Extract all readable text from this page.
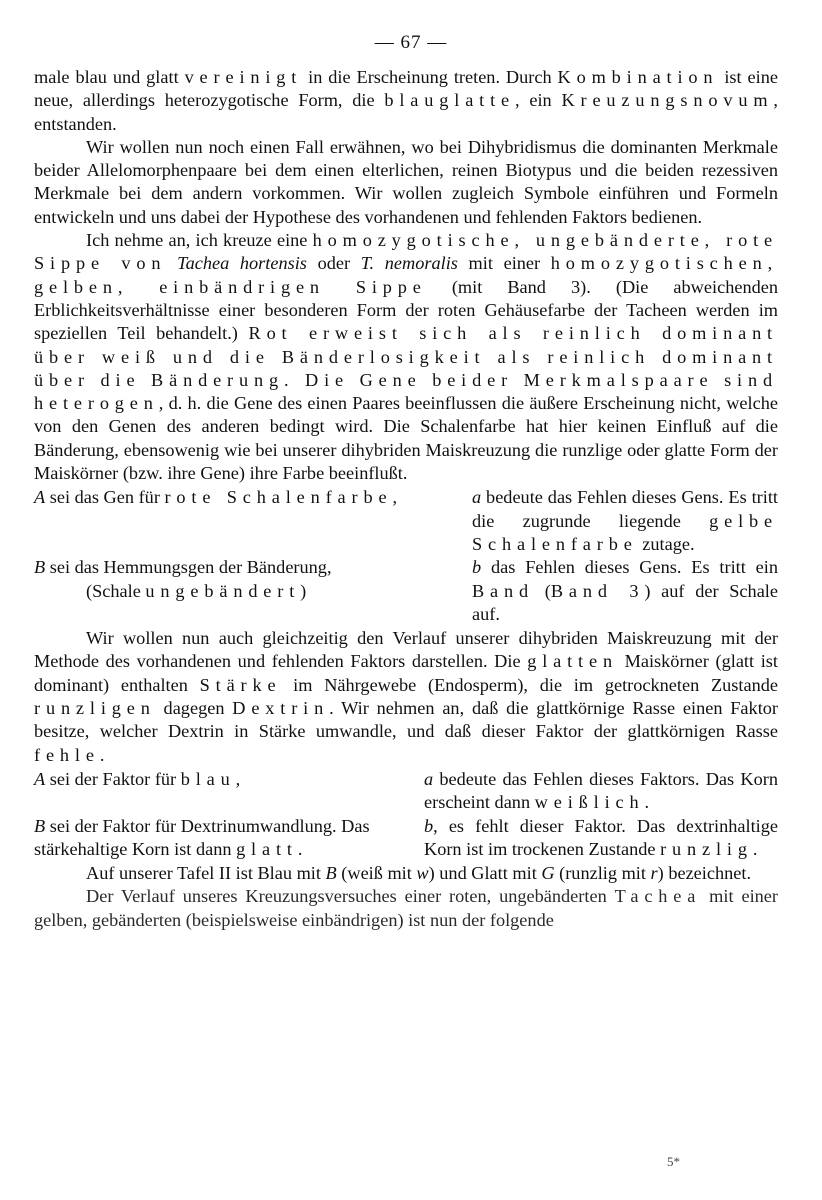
— 67 —

male blau und glatt vereinigt in die Erscheinung treten. Durch Kombination ist eine neue, allerdings heterozygotische Form, die blauglatte, ein Kreuzungsnovum, entstanden.

Wir wollen nun noch einen Fall erwähnen, wo bei Dihybridismus die dominanten Merkmale beider Allelomorphenpaare bei dem einen elterlichen, reinen Biotypus und die beiden rezessiven Merkmale bei dem andern vorkommen. Wir wollen zugleich Symbole einführen und Formeln entwickeln und uns dabei der Hypothese des vorhandenen und fehlenden Faktors bedienen.

Ich nehme an, ich kreuze eine homozygotische, ungebänderte, rote Sippe von Tachea hortensis oder T. nemoralis mit einer homozygotischen, gelben, einbändrigen Sippe (mit Band 3). (Die abweichenden Erblichkeitsverhältnisse einer besonderen Form der roten Gehäusefarbe der Tacheen werden im speziellen Teil behandelt.) Rot erweist sich als reinlich dominant über weiß und die Bänderlosigkeit als reinlich dominant über die Bänderung. Die Gene beider Merkmalspaare sind heterogen, d. h. die Gene des einen Paares beeinflussen die äußere Erscheinung nicht, welche von den Genen des anderen bedingt wird. Die Schalenfarbe hat hier keinen Einfluß auf die Bänderung, ebensowenig wie bei unserer dihybriden Maiskreuzung die runzlige oder glatte Form der Maiskörner (bzw. ihre Gene) ihre Farbe beeinflußt.

A sei das Gen für rote Schalenfarbe,	a bedeute das Fehlen dieses Gens. Es tritt die zugrunde liegende gelbe Schalenfarbe zutage.
B sei das Hemmungsgen der Bänderung,
(Schale ungebändert)
b das Fehlen dieses Gens. Es tritt ein Band (Band 3) auf der Schale auf.

Wir wollen nun auch gleichzeitig den Verlauf unserer dihybriden Maiskreuzung mit der Methode des vorhandenen und fehlenden Faktors darstellen. Die glatten Maiskörner (glatt ist dominant) enthalten Stärke im Nährgewebe (Endosperm), die im getrockneten Zustande runzligen dagegen Dextrin. Wir nehmen an, daß die glattkörnige Rasse einen Faktor besitze, welcher Dextrin in Stärke umwandle, und daß dieser Faktor der glattkörnigen Rasse fehle.

A sei der Faktor für blau,	a bedeute das Fehlen dieses Faktors. Das Korn erscheint dann weißlich.
B sei der Faktor für Dextrinumwandlung. Das stärkehaltige Korn ist dann glatt.
b, es fehlt dieser Faktor. Das dextrinhaltige Korn ist im trockenen Zustande runzlig.

Auf unserer Tafel II ist Blau mit B (weiß mit w) und Glatt mit G (runzlig mit r) bezeichnet.

Der Verlauf unseres Kreuzungsversuches einer roten, ungebänderten Tachea mit einer gelben, gebänderten (beispielsweise einbändrigen) ist nun der folgende

5*
